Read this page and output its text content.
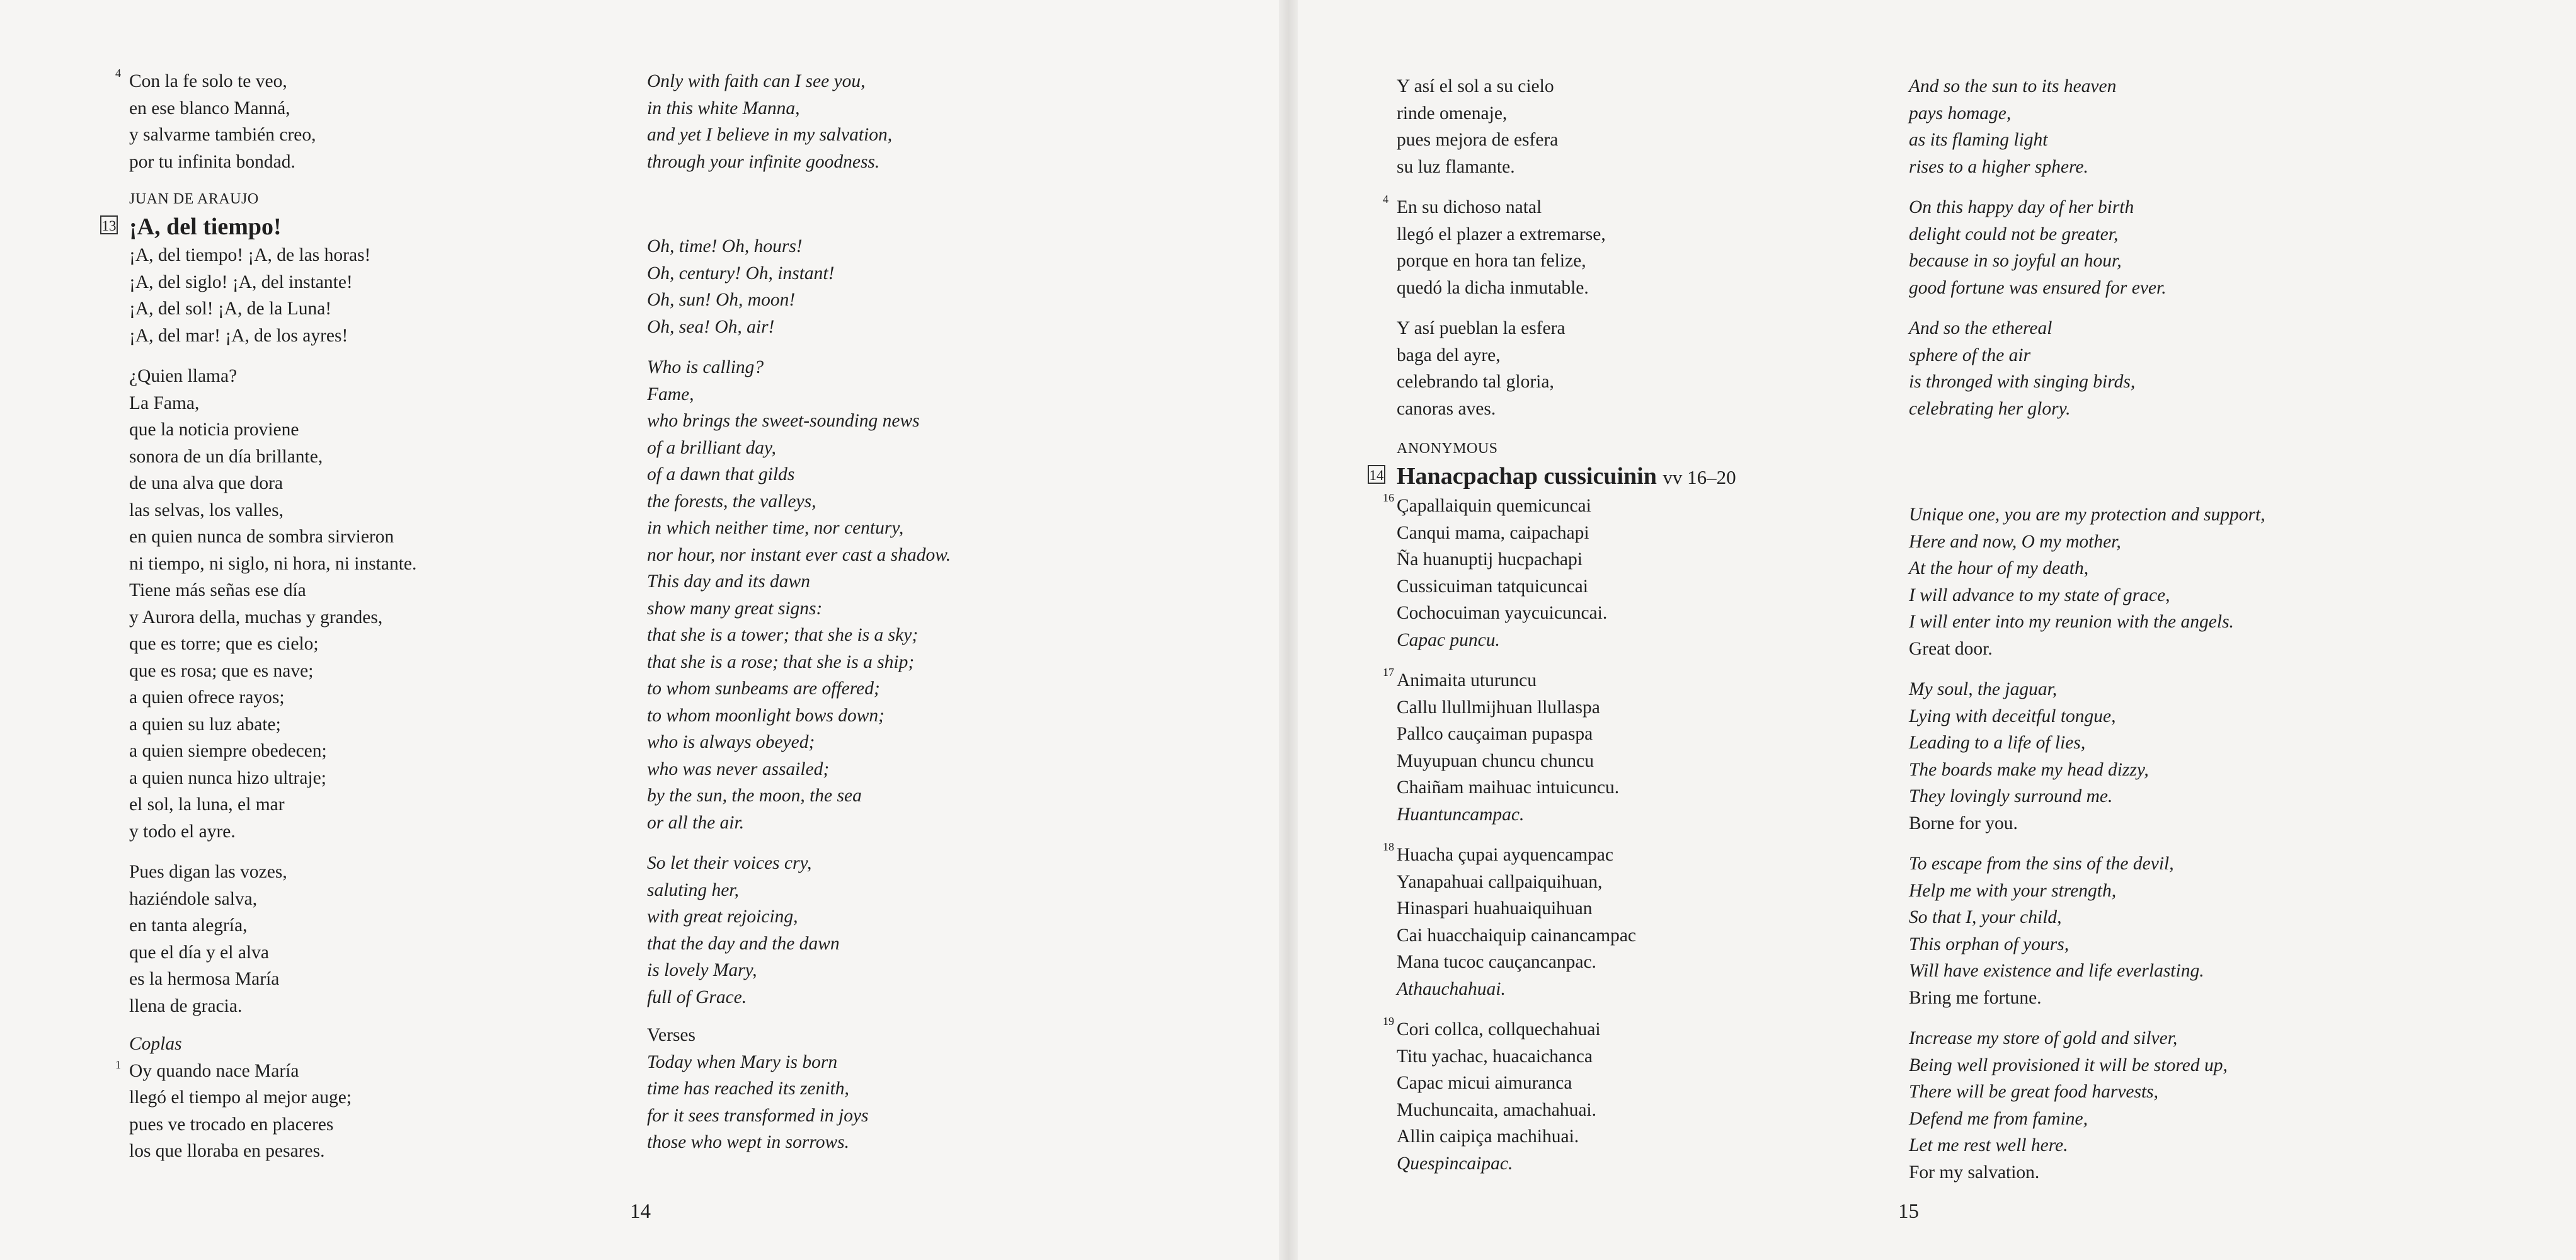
4 Con la fe solo te veo,
en ese blanco Manná,
y salvarme también creo,
por tu infinita bondad.
JUAN DE ARAUJO
13 ¡A, del tiempo!
¡A, del tiempo! ¡A, de las horas!
¡A, del siglo! ¡A, del instante!
¡A, del sol! ¡A, de la Luna!
¡A, del mar! ¡A, de los ayres!
¿Quien llama?
La Fama,
que la noticia proviene
sonora de un día brillante,
de una alva que dora
las selvas, los valles,
en quien nunca de sombra sirvieron
ni tiempo, ni siglo, ni hora, ni instante.
Tiene más señas ese día
y Aurora della, muchas y grandes,
que es torre; que es cielo;
que es rosa; que es nave;
a quien ofrece rayos;
a quien su luz abate;
a quien siempre obedecen;
a quien nunca hizo ultraje;
el sol, la luna, el mar
y todo el ayre.
Pues digan las vozes,
haziéndole salva,
en tanta alegría,
que el día y el alva
es la hermosa María
llena de gracia.
Coplas
1 Oy quando nace María
llegó el tiempo al mejor auge;
pues ve trocado en placeres
los que lloraba en pesares.
Only with faith can I see you,
in this white Manna,
and yet I believe in my salvation,
through your infinite goodness.
Oh, time! Oh, hours!
Oh, century! Oh, instant!
Oh, sun! Oh, moon!
Oh, sea! Oh, air!
Who is calling?
Fame,
who brings the sweet-sounding news
of a brilliant day,
of a dawn that gilds
the forests, the valleys,
in which neither time, nor century,
nor hour, nor instant ever cast a shadow.
This day and its dawn
show many great signs:
that she is a tower; that she is a sky;
that she is a rose; that she is a ship;
to whom sunbeams are offered;
to whom moonlight bows down;
who is always obeyed;
who was never assailed;
by the sun, the moon, the sea
or all the air.
So let their voices cry,
saluting her,
with great rejoicing,
that the day and the dawn
is lovely Mary,
full of Grace.
Verses
Today when Mary is born
time has reached its zenith,
for it sees transformed in joys
those who wept in sorrows.
14
Y así el sol a su cielo
rinde omenaje,
pues mejora de esfera
su luz flamante.
4 En su dichoso natal
llegó el plazer a extremarse,
porque en hora tan felize,
quedó la dicha inmutable.
Y así pueblan la esfera
baga del ayre,
celebrando tal gloria,
canoras aves.
ANONYMOUS
14 Hanacpachap cussicuinin vv 16–20
16 Çapallaiquin quemicuncai
Canqui mama, caipachapi
Ña huanuptij hucpachapi
Cussicuiman tatquicuncai
Cochocuiman yaycuicuncai.
Capac puncu.
17 Animaita uturuncu
Callu llullmijhuan llullaspa
Pallco cauçaiman pupaspa
Muyupuan chuncu chuncu
Chaiñam maihuac intuicuncu.
Huantuncampac.
18 Huacha çupai ayquencampac
Yanapahuai callpaiquihuan,
Hinaspari huahuaiquihuan
Cai huacchaiquip cainancampac
Mana tucoc cauçancanpac.
Athauchahuai.
19 Cori collca, collquechahuai
Titu yachac, huacaichanca
Capac micui aimuranca
Muchuncaita, amachahuai.
Allin caipiça machihuai.
Quespincaipac.
And so the sun to its heaven
pays homage,
as its flaming light
rises to a higher sphere.
On this happy day of her birth
delight could not be greater,
because in so joyful an hour,
good fortune was ensured for ever.
And so the ethereal
sphere of the air
is thronged with singing birds,
celebrating her glory.
Unique one, you are my protection and support,
Here and now, O my mother,
At the hour of my death,
I will advance to my state of grace,
I will enter into my reunion with the angels.
Great door.
My soul, the jaguar,
Lying with deceitful tongue,
Leading to a life of lies,
The boards make my head dizzy,
They lovingly surround me.
Borne for you.
To escape from the sins of the devil,
Help me with your strength,
So that I, your child,
This orphan of yours,
Will have existence and life everlasting.
Bring me fortune.
Increase my store of gold and silver,
Being well provisioned it will be stored up,
There will be great food harvests,
Defend me from famine,
Let me rest well here.
For my salvation.
15
